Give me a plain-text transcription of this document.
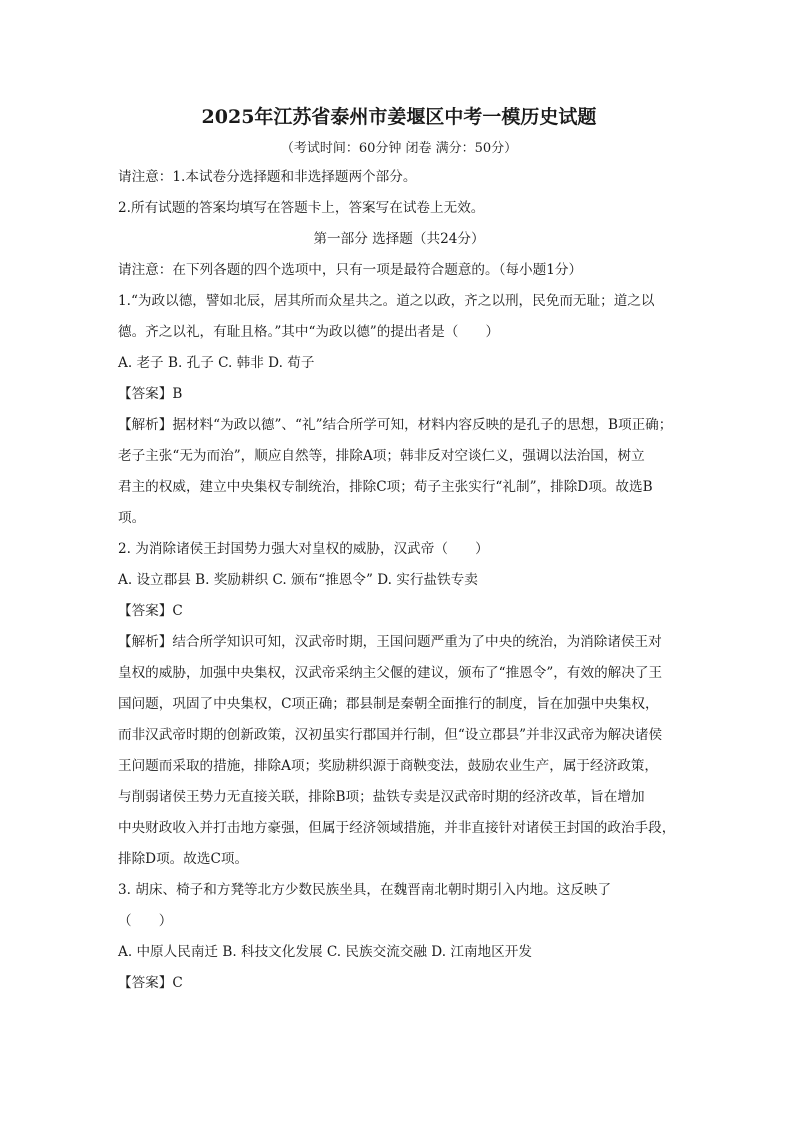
2025年江苏省泰州市姜堰区中考一模历史试题
（考试时间：60分钟 闭卷 满分：50分）
请注意：1.本试卷分选择题和非选择题两个部分。
2.所有试题的答案均填写在答题卡上，答案写在试卷上无效。
第一部分 选择题（共24分）
请注意：在下列各题的四个选项中，只有一项是最符合题意的。（每小题1分）
1.“为政以德，譬如北辰，居其所而众星共之。道之以政，齐之以刑，民免而无耻；道之以
德。齐之以礼，有耻且格。”其中“为政以德”的提出者是（　　）
A. 老子 B. 孔子 C. 韩非 D. 荀子
【答案】B
【解析】据材料“为政以德”、“礼”结合所学可知，材料内容反映的是孔子的思想，B项正确；
老子主张“无为而治”，顺应自然等，排除A项；韩非反对空谈仁义，强调以法治国，树立
君主的权威，建立中央集权专制统治，排除C项；荀子主张实行“礼制”，排除D项。故选B
项。
2. 为消除诸侯王封国势力强大对皇权的威胁，汉武帝（　　）
A. 设立郡县 B. 奖励耕织 C. 颁布“推恩令” D. 实行盐铁专卖
【答案】C
【解析】结合所学知识可知，汉武帝时期，王国问题严重为了中央的统治，为消除诸侯王对
皇权的威胁，加强中央集权，汉武帝采纳主父偃的建议，颁布了“推恩令”，有效的解决了王
国问题，巩固了中央集权，C项正确；郡县制是秦朝全面推行的制度，旨在加强中央集权，
而非汉武帝时期的创新政策，汉初虽实行郡国并行制，但“设立郡县”并非汉武帝为解决诸侯
王问题而采取的措施，排除A项；奖励耕织源于商鞅变法，鼓励农业生产，属于经济政策，
与削弱诸侯王势力无直接关联，排除B项；盐铁专卖是汉武帝时期的经济改革，旨在增加
中央财政收入并打击地方豪强，但属于经济领域措施，并非直接针对诸侯王封国的政治手段，
排除D项。故选C项。
3. 胡床、椅子和方凳等北方少数民族坐具，在魏晋南北朝时期引入内地。这反映了
（　　）
A. 中原人民南迁 B. 科技文化发展 C. 民族交流交融 D. 江南地区开发
【答案】C
